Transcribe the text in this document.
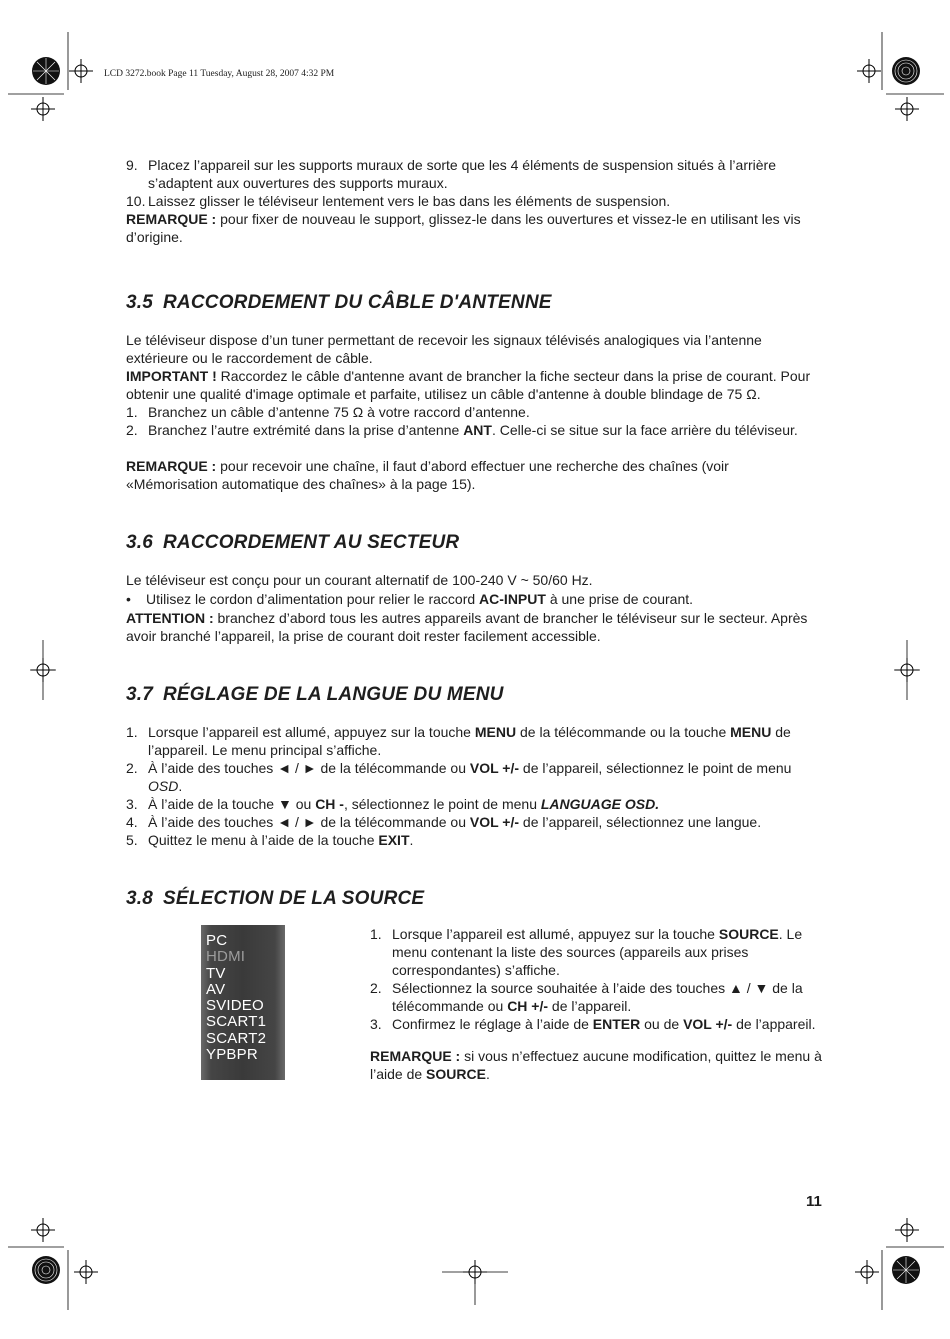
LCD 3272.book Page 11 Tuesday, August 28, 2007 4:32 PM
9. Placez l’appareil sur les supports muraux de sorte que les 4 éléments de suspension situés à l’arrière s’adaptent aux ouvertures des supports muraux.
10. Laissez glisser le téléviseur lentement vers le bas dans les éléments de suspension.

REMARQUE : pour fixer de nouveau le support, glissez-le dans les ouvertures et vissez-le en utilisant les vis d’origine.

3.5 RACCORDEMENT DU CÂBLE D'ANTENNE

Le téléviseur dispose d’un tuner permettant de recevoir les signaux télévisés analogiques via l’antenne extérieure ou le raccordement de câble.

IMPORTANT ! Raccordez le câble d'antenne avant de brancher la fiche secteur dans la prise de courant. Pour obtenir une qualité d'image optimale et parfaite, utilisez un câble d'antenne à double blindage de 75 Ω.

1. Branchez un câble d’antenne 75 Ω à votre raccord d’antenne.
2. Branchez l’autre extrémité dans la prise d’antenne ANT. Celle-ci se situe sur la face arrière du téléviseur.

REMARQUE : pour recevoir une chaîne, il faut d’abord effectuer une recherche des chaînes (voir «Mémorisation automatique des chaînes» à la page 15).

3.6 RACCORDEMENT AU SECTEUR

Le téléviseur est conçu pour un courant alternatif de 100-240 V ~ 50/60 Hz.

• Utilisez le cordon d’alimentation pour relier le raccord AC-INPUT à une prise de courant.

ATTENTION : branchez d’abord tous les autres appareils avant de brancher le téléviseur sur le secteur. Après avoir branché l’appareil, la prise de courant doit rester facilement accessible.

3.7 RÉGLAGE DE LA LANGUE DU MENU
1. Lorsque l’appareil est allumé, appuyez sur la touche MENU de la télécommande ou la touche MENU de l’appareil. Le menu principal s’affiche.
2. À l’aide des touches ◄ / ► de la télécommande ou VOL +/- de l’appareil, sélectionnez le point de menu OSD.
3. À l’aide de la touche ▼ ou CH -, sélectionnez le point de menu LANGUAGE OSD.
4. À l’aide des touches ◄ / ► de la télécommande ou VOL +/- de l’appareil, sélectionnez une langue.
5. Quittez le menu à l’aide de la touche EXIT.
3.8 SÉLECTION DE LA SOURCE
PC
HDMI
TV
AV
SVIDEO
SCART1
SCART2
YPBPR
1. Lorsque l’appareil est allumé, appuyez sur la touche SOURCE. Le menu contenant la liste des sources (appareils aux prises correspondantes) s’affiche.
2. Sélectionnez la source souhaitée à l’aide des touches ▲ / ▼ de la télécommande ou CH +/- de l’appareil.
3. Confirmez le réglage à l’aide de ENTER ou de VOL +/- de l’appareil.

REMARQUE : si vous n’effectuez aucune modification, quittez le menu à l’aide de SOURCE.

11
